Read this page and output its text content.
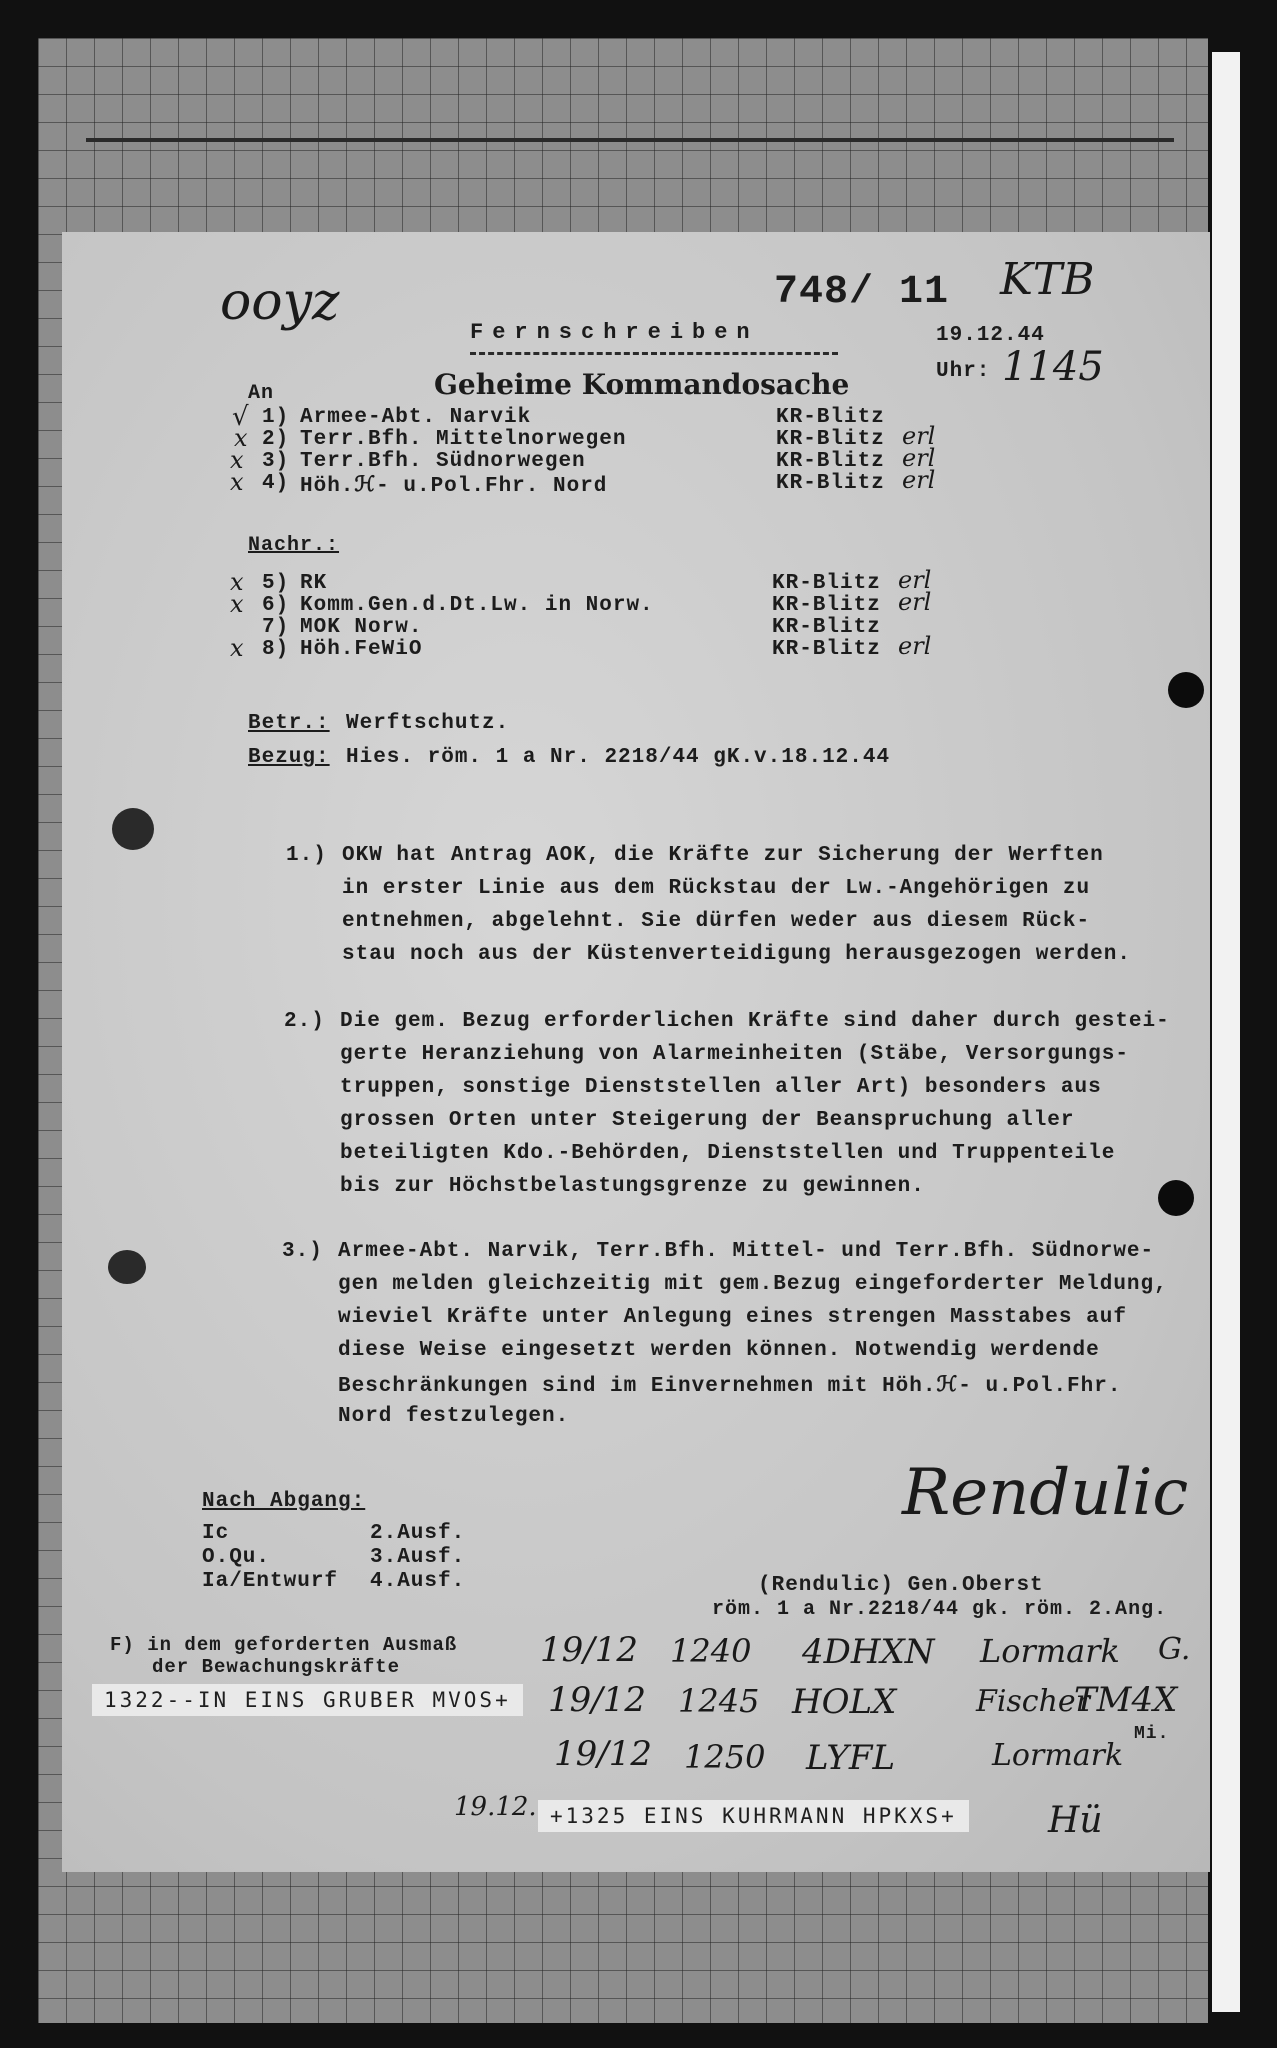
ooyz	748/ 11 KTB
Fernschreiben
Geheime Kommandosache
19.12.44
Uhr: 1145
An
√ 1) Armee-Abt. Narvik	KR-Blitz
x 2) Terr.Bfh. Mittelnorwegen	KR-Blitz erl
x 3) Terr.Bfh. Südnorwegen	KR-Blitz erl
x 4) Höh.ℋ- u.Pol.Fhr. Nord	KR-Blitz erl
Nachr.:
x 5) RK	KR-Blitz erl
x 6) Komm.Gen.d.Dt.Lw. in Norw.	KR-Blitz erl
7) MOK Norw.	KR-Blitz
x 8) Höh.FeWiO	KR-Blitz erl
Betr.: Werftschutz.
Bezug: Hies. röm. 1 a Nr. 2218/44 gK.v.18.12.44
1.) OKW hat Antrag AOK, die Kräfte zur Sicherung der Werften
in erster Linie aus dem Rückstau der Lw.-Angehörigen zu
entnehmen, abgelehnt. Sie dürfen weder aus diesem Rück-
stau noch aus der Küstenverteidigung herausgezogen werden.
2.) Die gem. Bezug erforderlichen Kräfte sind daher durch gestei-
gerte Heranziehung von Alarmeinheiten (Stäbe, Versorgungs-
truppen, sonstige Dienststellen aller Art) besonders aus
grossen Orten unter Steigerung der Beanspruchung aller
beteiligten Kdo.-Behörden, Dienststellen und Truppenteile
bis zur Höchstbelastungsgrenze zu gewinnen.
3.) Armee-Abt. Narvik, Terr.Bfh. Mittel- und Terr.Bfh. Südnorwe-
gen melden gleichzeitig mit gem.Bezug eingeforderter Meldung,
wieviel Kräfte unter Anlegung eines strengen Masstabes auf
diese Weise eingesetzt werden können. Notwendig werdende
Beschränkungen sind im Einvernehmen mit Höh.ℋ- u.Pol.Fhr.
Nord festzulegen.
Nach Abgang:
Ic	2.Ausf.
O.Qu.	3.Ausf.
Ia/Entwurf 4.Ausf.
Rendulic
(Rendulic) Gen.Oberst
röm. 1 a Nr.2218/44 gk. röm. 2.Ang.
F) in dem geforderten Ausmaß
der Bewachungskräfte	19/12 1240 4DHXN Lormark G.
19/12 1245 HOLX	Fischer
TM4X
Mi.
19/12 1250 LYFL	Lormark
19.12.	Hü
1322--IN EINS GRUBER MVOS+
+1325 EINS KUHRMANN HPKXS+
